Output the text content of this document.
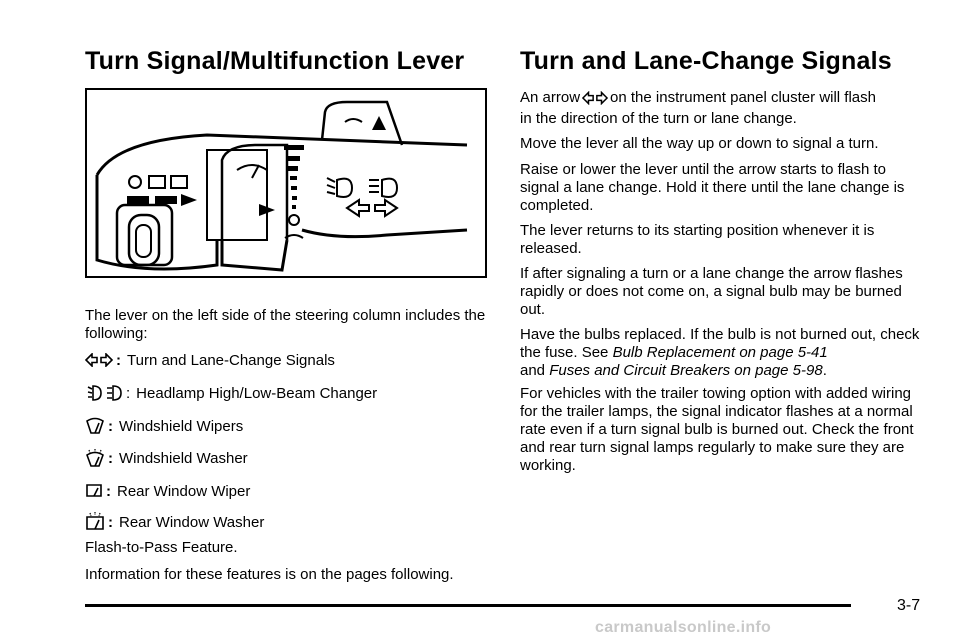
Turn Signal/Multifunction Lever

The lever on the left side of the steering column includes the following:

: Turn and Lane-Change Signals
: Headlamp High/Low-Beam Changer
: Windshield Wipers
: Windshield Washer
: Rear Window Wiper
: Rear Window Washer

Flash-to-Pass Feature.

Information for these features is on the pages following.

Turn and Lane-Change Signals

An arrow on the instrument panel cluster will flash
in the direction of the turn or lane change.

Move the lever all the way up or down to signal a turn.

Raise or lower the lever until the arrow starts to flash to signal a lane change. Hold it there until the lane change is completed.

The lever returns to its starting position whenever it is released.

If after signaling a turn or a lane change the arrow flashes rapidly or does not come on, a signal bulb may be burned out.

Have the bulbs replaced. If the bulb is not burned out, check the fuse. See Bulb Replacement on page 5-41
and Fuses and Circuit Breakers on page 5-98.

For vehicles with the trailer towing option with added wiring for the trailer lamps, the signal indicator flashes at a normal rate even if a turn signal bulb is burned out. Check the front and rear turn signal lamps regularly to make sure they are working.

3-7
carmanualsonline.info
